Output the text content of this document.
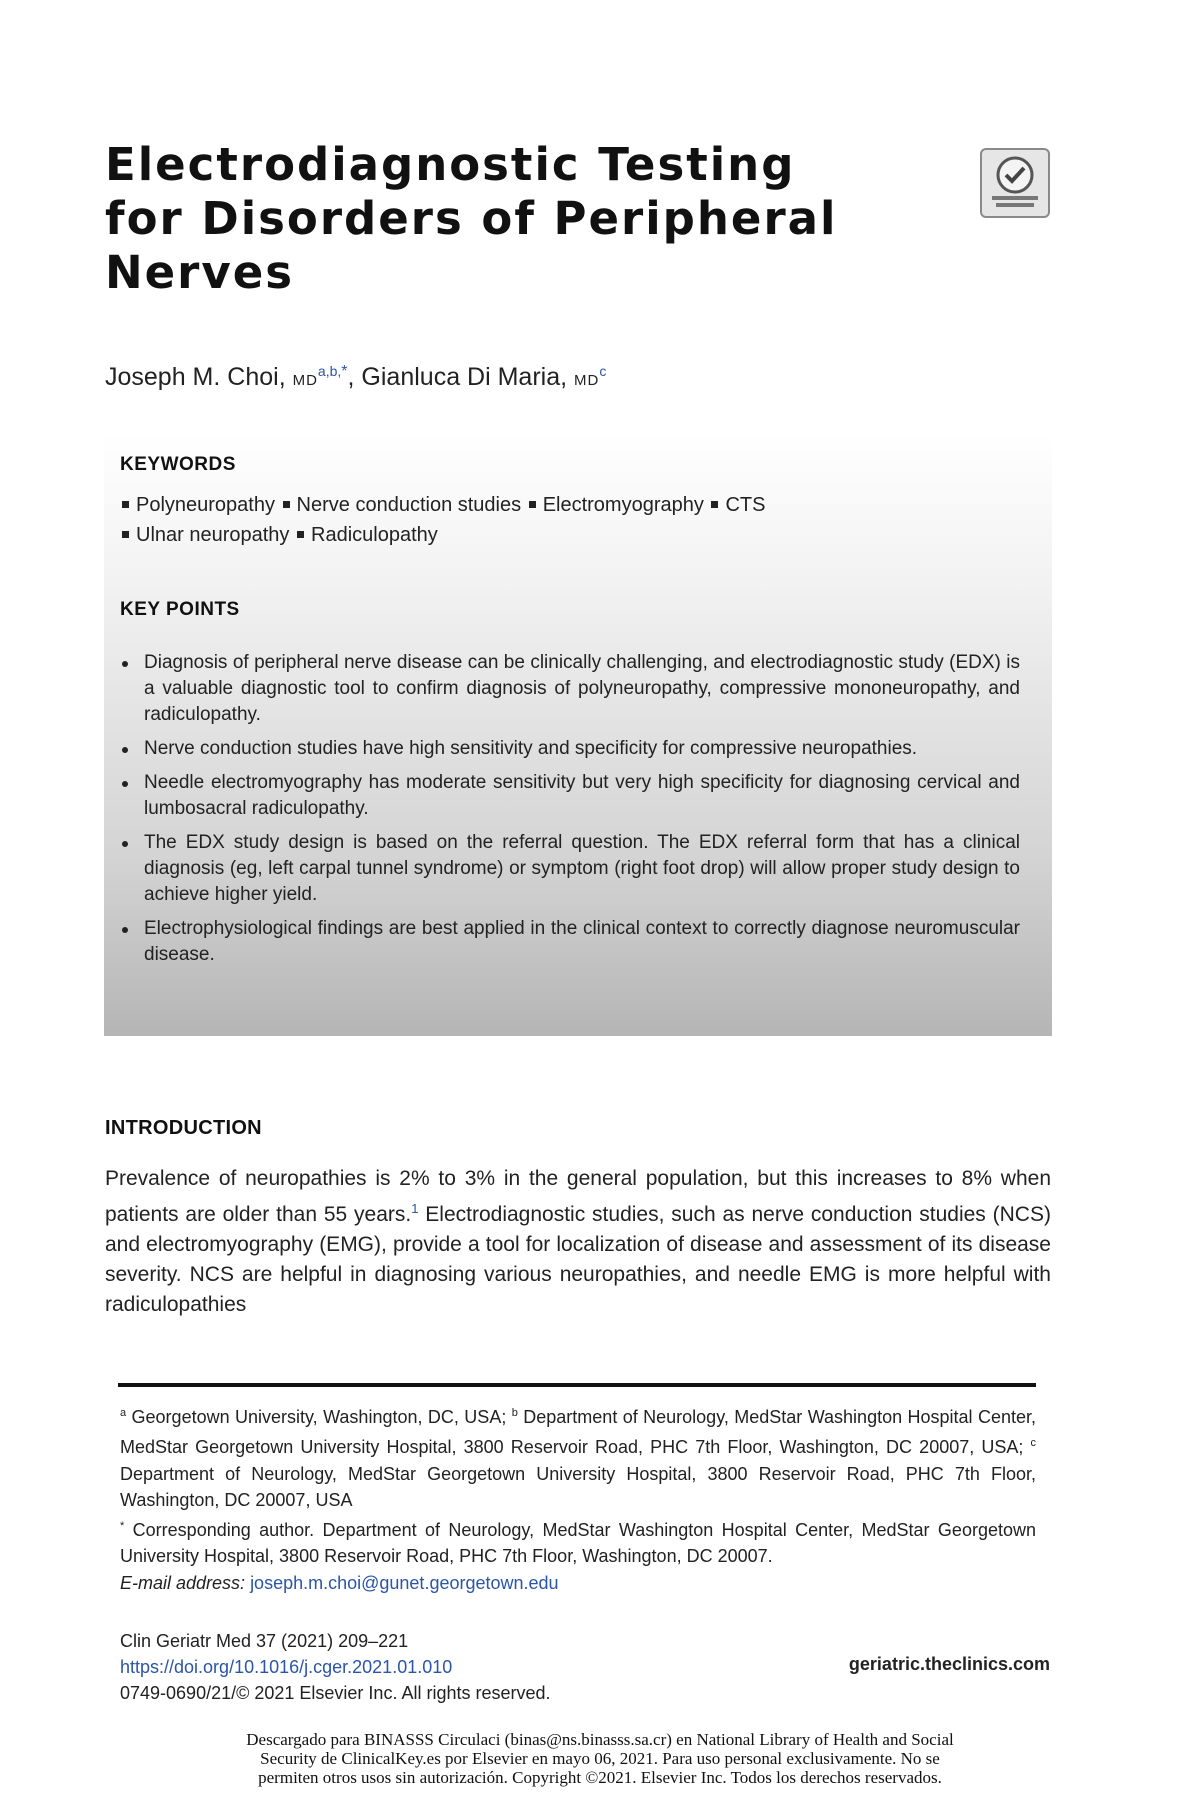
Electrodiagnostic Testing
for Disorders of Peripheral
Nerves
Joseph M. Choi, $MD^{a,b,*}$, Gianluca Di Maria, $MD^c$
KEYWORDS
Polyneuropathy Nerve conduction studies Electromyography CTS
Ulnar neuropathy Radiculopathy
KEY POINTS
Diagnosis of peripheral nerve disease can be clinically challenging, and electrodiagnostic study (EDX) is a valuable diagnostic tool to confirm diagnosis of polyneuropathy, compressive mononeuropathy, and radiculopathy.
Nerve conduction studies have high sensitivity and specificity for compressive neuropathies.
Needle electromyography has moderate sensitivity but very high specificity for diagnosing cervical and lumbosacral radiculopathy.
The EDX study design is based on the referral question. The EDX referral form that has a clinical diagnosis (eg, left carpal tunnel syndrome) or symptom (right foot drop) will allow proper study design to achieve higher yield.
Electrophysiological findings are best applied in the clinical context to correctly diagnose neuromuscular disease.
INTRODUCTION
Prevalence of neuropathies is 2% to 3% in the general population, but this increases to 8% when patients are older than 55 years.$^1$ Electrodiagnostic studies, such as nerve conduction studies (NCS) and electromyography (EMG), provide a tool for localization of disease and assessment of its disease severity. NCS are helpful in diagnosing various neuropathies, and needle EMG is more helpful with radiculopathies
$^a$ Georgetown University, Washington, DC, USA; $^b$ Department of Neurology, MedStar Washington Hospital Center, MedStar Georgetown University Hospital, 3800 Reservoir Road, PHC 7th Floor, Washington, DC 20007, USA; $^c$ Department of Neurology, MedStar Georgetown University Hospital, 3800 Reservoir Road, PHC 7th Floor, Washington, DC 20007, USA
* Corresponding author. Department of Neurology, MedStar Washington Hospital Center, MedStar Georgetown University Hospital, 3800 Reservoir Road, PHC 7th Floor, Washington, DC 20007.
E-mail address: joseph.m.choi@gunet.georgetown.edu
Clin Geriatr Med 37 (2021) 209–221
https://doi.org/10.1016/j.cger.2021.01.010
0749-0690/21/© 2021 Elsevier Inc. All rights reserved.
geriatric.theclinics.com
Descargado para BINASSS Circulaci (binas@ns.binasss.sa.cr) en National Library of Health and Social
Security de ClinicalKey.es por Elsevier en mayo 06, 2021. Para uso personal exclusivamente. No se
permiten otros usos sin autorización. Copyright ©2021. Elsevier Inc. Todos los derechos reservados.
